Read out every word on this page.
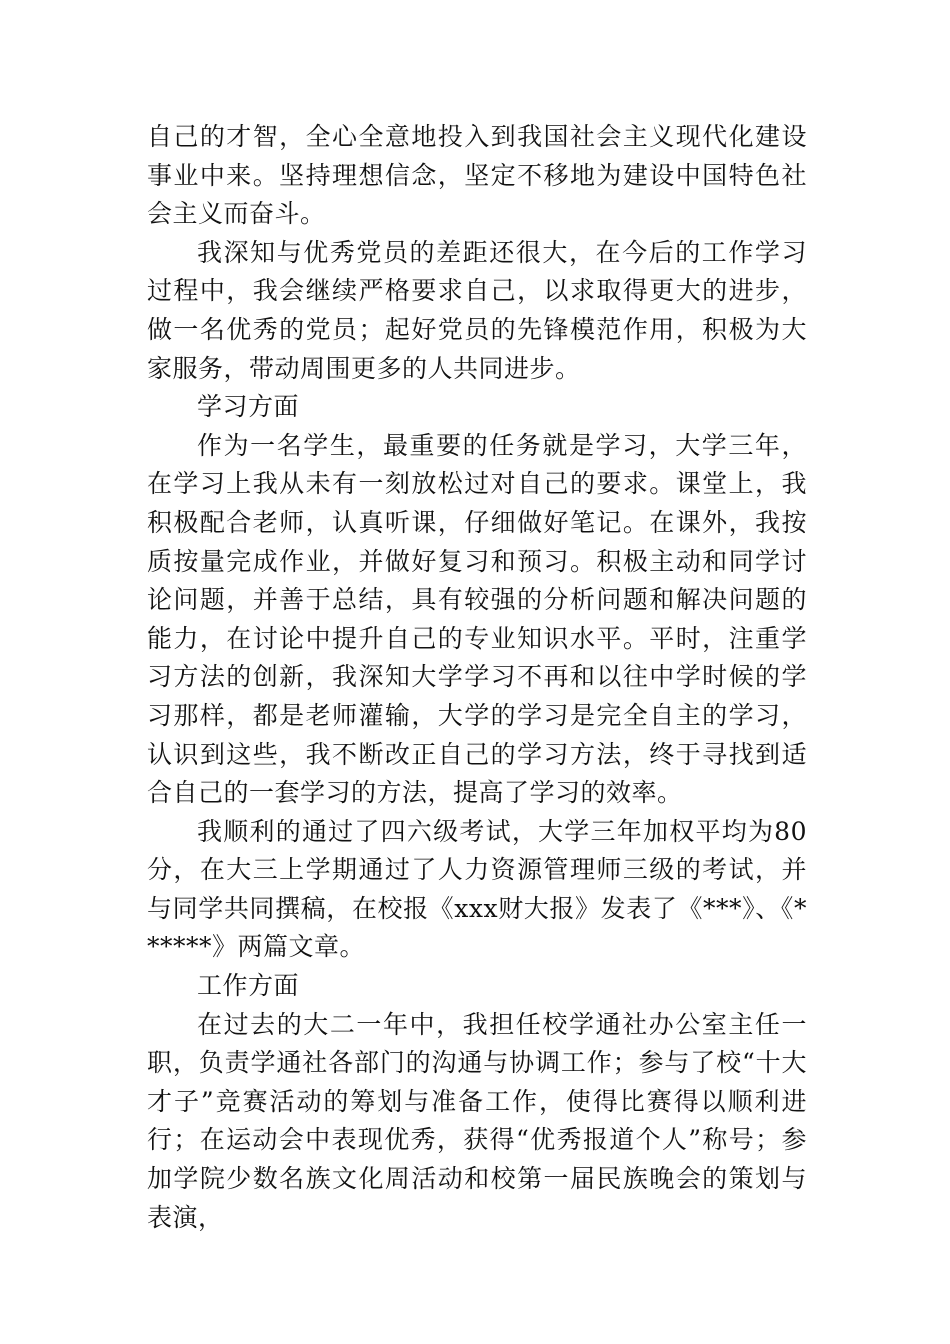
自己的才智，全心全意地投入到我国社会主义现代化建设事业中来。坚持理想信念，坚定不移地为建设中国特色社会主义而奋斗。

我深知与优秀党员的差距还很大，在今后的工作学习过程中，我会继续严格要求自己，以求取得更大的进步，做一名优秀的党员；起好党员的先锋模范作用，积极为大家服务，带动周围更多的人共同进步。

学习方面

作为一名学生，最重要的任务就是学习，大学三年，在学习上我从未有一刻放松过对自己的要求。课堂上，我积极配合老师，认真听课，仔细做好笔记。在课外，我按质按量完成作业，并做好复习和预习。积极主动和同学讨论问题，并善于总结，具有较强的分析问题和解决问题的能力，在讨论中提升自己的专业知识水平。平时，注重学习方法的创新，我深知大学学习不再和以往中学时候的学习那样，都是老师灌输，大学的学习是完全自主的学习，认识到这些，我不断改正自己的学习方法，终于寻找到适合自己的一套学习的方法，提高了学习的效率。

我顺利的通过了四六级考试，大学三年加权平均为80分，在大三上学期通过了人力资源管理师三级的考试，并与同学共同撰稿，在校报《xxx财大报》发表了《***》、《******》两篇文章。

工作方面

在过去的大二一年中，我担任校学通社办公室主任一职，负责学通社各部门的沟通与协调工作；参与了校“十大才子”竞赛活动的筹划与准备工作，使得比赛得以顺利进行；在运动会中表现优秀，获得“优秀报道个人”称号；参加学院少数名族文化周活动和校第一届民族晚会的策划与表演，
